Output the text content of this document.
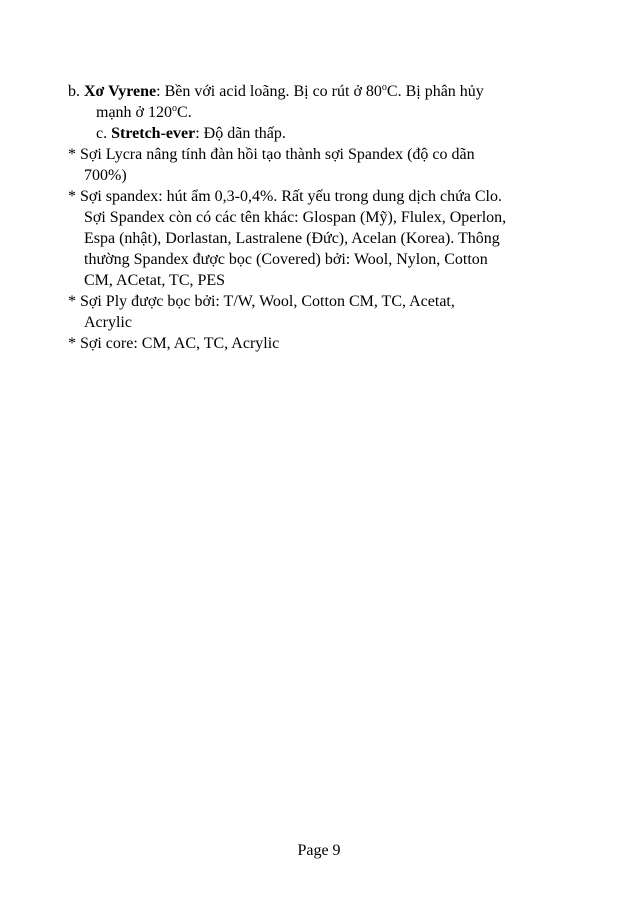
b. Xơ Vyrene: Bền với acid loãng. Bị co rút ở 80$^o$C. Bị phân hủy
mạnh ở 120$^o$C.
c. Stretch-ever: Độ dãn thấp.
* Sợi Lycra nâng tính đàn hồi tạo thành sợi Spandex (độ co dãn
700%)
* Sợi spandex: hút ẩm 0,3-0,4%. Rất yếu trong dung dịch chứa Clo.
Sợi Spandex còn có các tên khác: Glospan (Mỹ), Flulex, Operlon,
Espa (nhật), Dorlastan, Lastralene (Đức), Acelan (Korea). Thông
thường Spandex được bọc (Covered) bởi: Wool, Nylon, Cotton
CM, ACetat, TC, PES
* Sợi Ply được bọc bởi: T/W, Wool, Cotton CM, TC, Acetat,
Acrylic
* Sợi core: CM, AC, TC, Acrylic
Page 9
